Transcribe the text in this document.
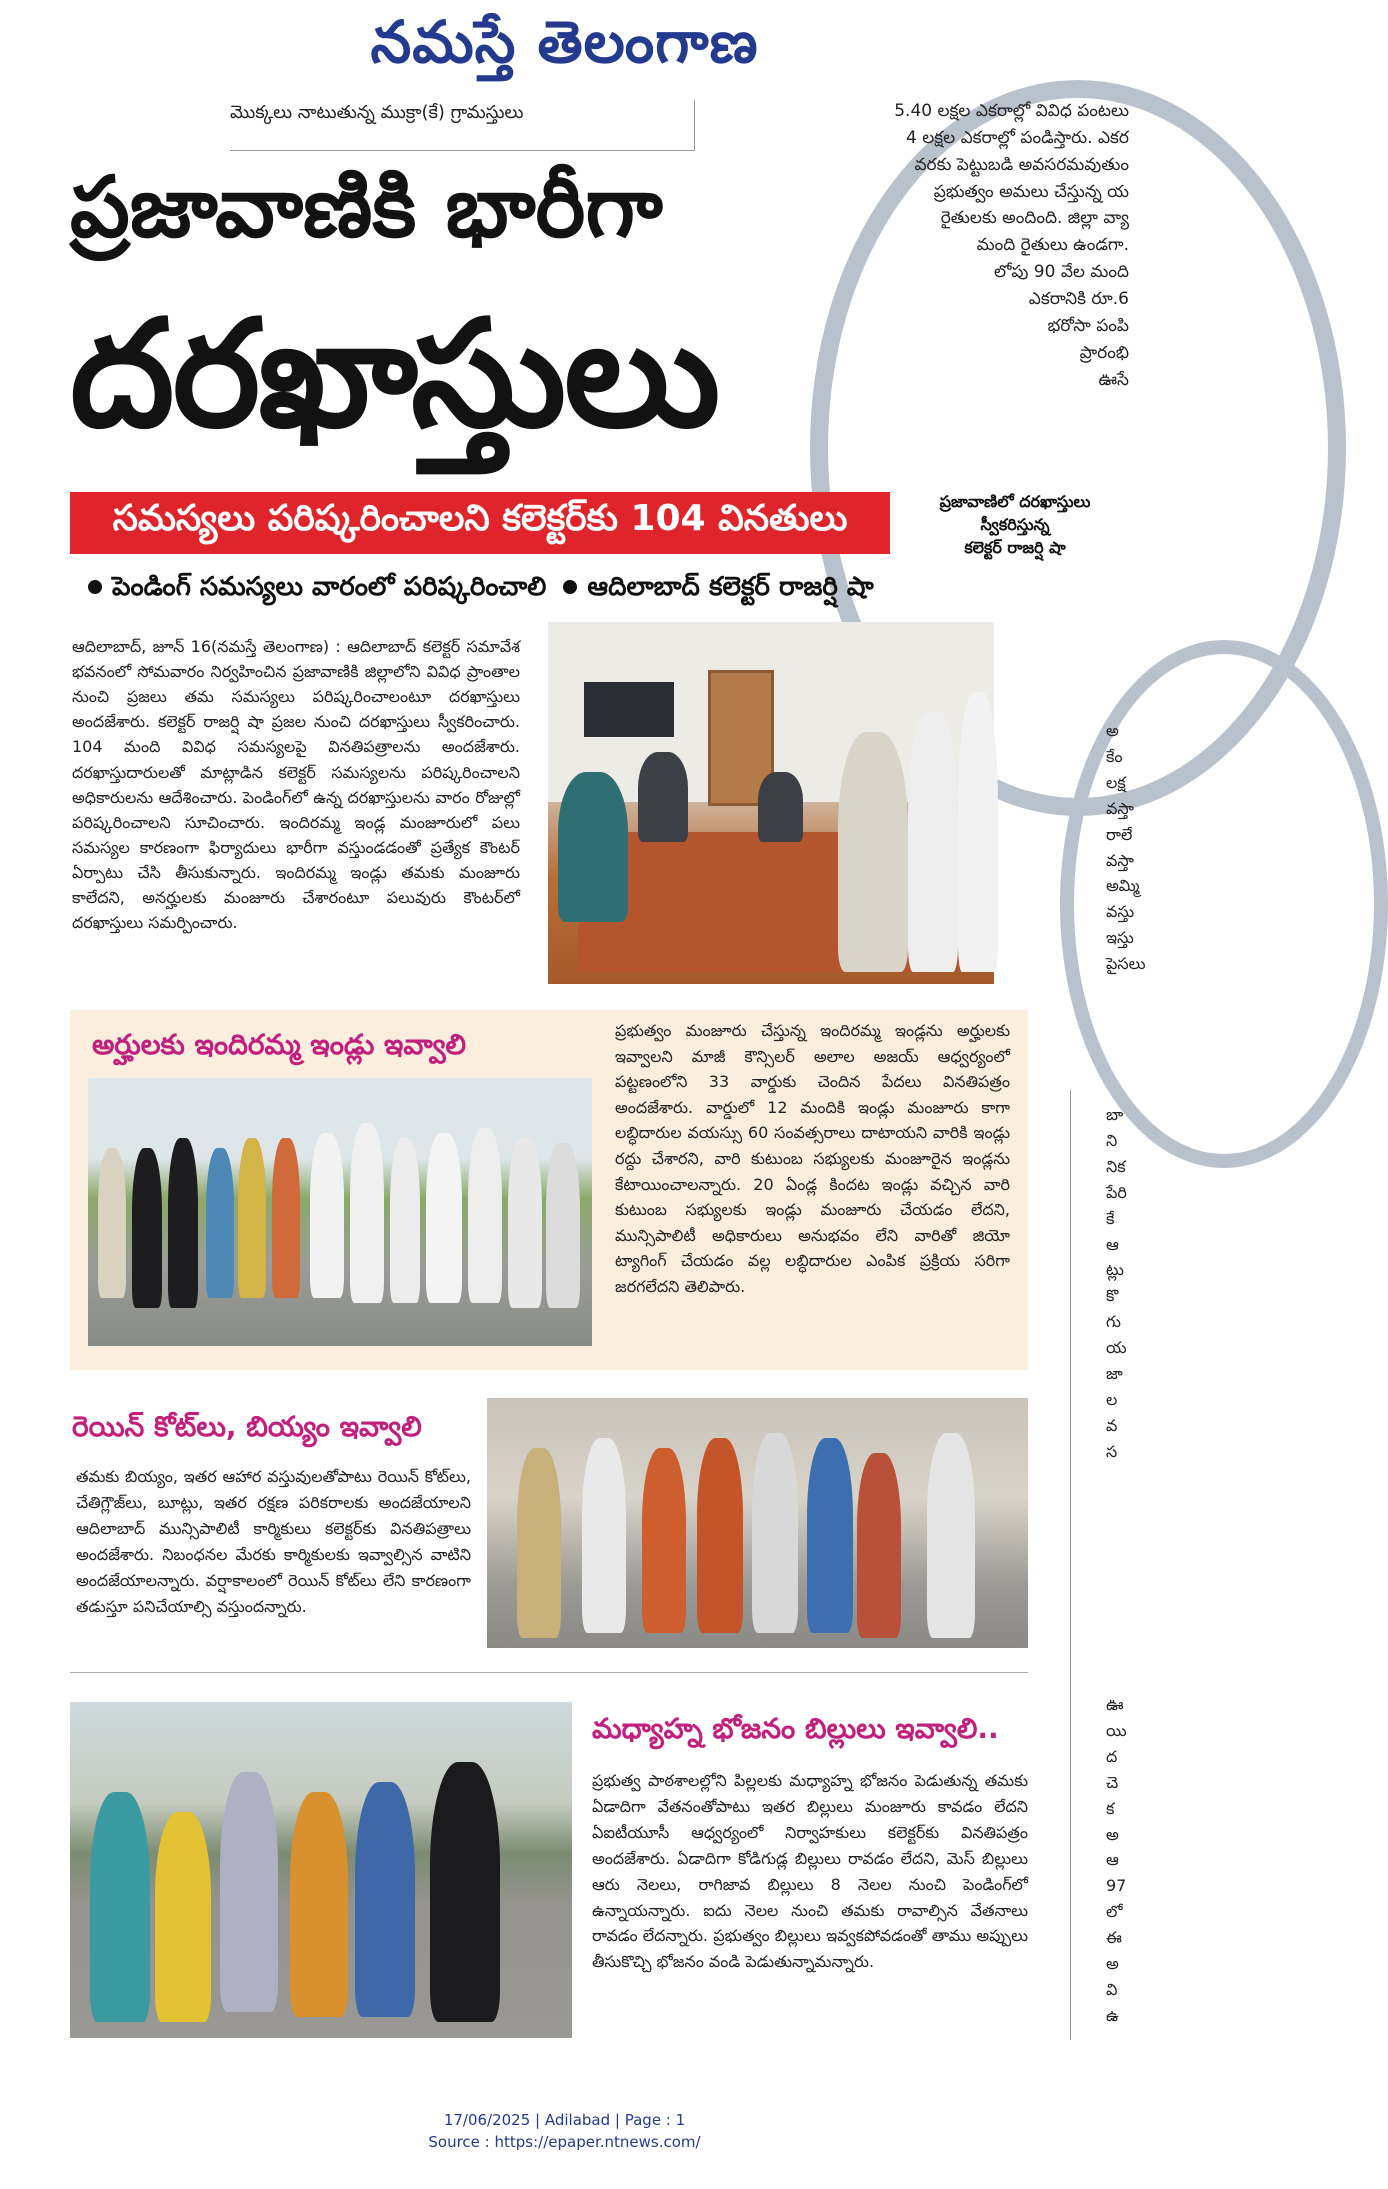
నమస్తే తెలంగాణ
5.40 లక్షల ఎకరాల్లో వివిధ పంటలు
4 లక్షల ఎకరాల్లో పండిస్తారు. ఎకర
వరకు పెట్టుబడి అవసరమవుతుం
ప్రభుత్వం అమలు చేస్తున్న య
రైతులకు అందింది. జిల్లా వ్యా
మంది రైతులు ఉండగా.
లోపు 90 వేల మంది
ఎకరానికి రూ.6
భరోసా పంపి
ప్రారంభి
ఊసే
మొక్కలు నాటుతున్న ముక్రా(కే) గ్రామస్తులు
ప్రజావాణికి భారీగా
దరఖాస్తులు
సమస్యలు పరిష్కరించాలని కలెక్టర్‌కు 104 వినతులు
పెండింగ్ సమస్యలు వారంలో పరిష్కరించాలి ఆదిలాబాద్ కలెక్టర్ రాజర్షి షా
ప్రజావాణిలో దరఖాస్తులు
స్వీకరిస్తున్న
కలెక్టర్ రాజర్షి షా
ఆదిలాబాద్, జూన్ 16(నమస్తే తెలంగాణ) : ఆదిలాబాద్ కలెక్టర్ సమావేశ భవనంలో సోమవారం నిర్వహించిన ప్రజావాణికి జిల్లాలోని వివిధ ప్రాంతాల నుంచి ప్రజలు తమ సమస్యలు పరిష్కరించాలంటూ దరఖాస్తులు అందజేశారు. కలెక్టర్ రాజర్షి షా ప్రజల నుంచి దరఖాస్తులు స్వీకరించారు. 104 మంది వివిధ సమస్యలపై వినతిపత్రాలను అందజేశారు. దరఖాస్తుదారులతో మాట్లాడిన కలెక్టర్ సమస్యలను పరిష్కరించాలని అధికారులను ఆదేశించారు. పెండింగ్‌లో ఉన్న దరఖాస్తులను వారం రోజుల్లో పరిష్కరించాలని సూచించారు. ఇందిరమ్మ ఇండ్ల మంజూరులో పలు సమస్యల కారణంగా ఫిర్యాదులు భారీగా వస్తుండడంతో ప్రత్యేక కౌంటర్ ఏర్పాటు చేసి తీసుకున్నారు. ఇందిరమ్మ ఇండ్లు తమకు మంజూరు కాలేదని, అనర్హులకు మంజూరు చేశారంటూ పలువురు కౌంటర్‌లో దరఖాస్తులు సమర్పించారు.
అ
కేం
లక్ష
వస్తా
రాలే
వస్తా
అమ్మి
వస్తు
ఇస్తు
పైసలు
అర్హులకు ఇందిరమ్మ ఇండ్లు ఇవ్వాలి	ప్రభుత్వం మంజూరు చేస్తున్న ఇందిరమ్మ ఇండ్లను అర్హులకు ఇవ్వాలని మాజీ కౌన్సిలర్ అలాల అజయ్ ఆధ్వర్యంలో పట్టణంలోని 33 వార్డుకు చెందిన పేదలు వినతిపత్రం అందజేశారు. వార్డులో 12 మందికి ఇండ్లు మంజూరు కాగా లబ్ధిదారుల వయస్సు 60 సంవత్సరాలు దాటాయని వారికి ఇండ్లు రద్దు చేశారని, వారి కుటుంబ సభ్యులకు మంజూరైన ఇండ్లను కేటాయించాలన్నారు. 20 ఏండ్ల కిందట ఇండ్లు వచ్చిన వారి కుటుంబ సభ్యులకు ఇండ్లు మంజూరు చేయడం లేదని, మున్సిపాలిటీ అధికారులు అనుభవం లేని వారితో జియో ట్యాగింగ్ చేయడం వల్ల లబ్ధిదారుల ఎంపిక ప్రక్రియ సరిగా జరగలేదని తెలిపారు.
రెయిన్ కోట్‌లు, బియ్యం ఇవ్వాలి
తమకు బియ్యం, ఇతర ఆహార వస్తువులతోపాటు రెయిన్ కోట్‌లు, చేతిగ్లౌజ్‌లు, బూట్లు, ఇతర రక్షణ పరికరాలకు అందజేయాలని ఆదిలాబాద్ మున్సిపాలిటీ కార్మికులు కలెక్టర్‌కు వినతిపత్రాలు అందజేశారు. నిబంధనల మేరకు కార్మికులకు ఇవ్వాల్సిన వాటిని అందజేయాలన్నారు. వర్షాకాలంలో రెయిన్ కోట్‌లు లేని కారణంగా తడుస్తూ పనిచేయాల్సి వస్తుందన్నారు.
మధ్యాహ్న భోజనం బిల్లులు ఇవ్వాలి..
ప్రభుత్వ పాఠశాలల్లోని పిల్లలకు మధ్యాహ్న భోజనం పెడుతున్న తమకు ఏడాదిగా వేతనంతోపాటు ఇతర బిల్లులు మంజూరు కావడం లేదని ఏఐటీయూసీ ఆధ్వర్యంలో నిర్వాహకులు కలెక్టర్‌కు వినతిపత్రం అందజేశారు. ఏడాదిగా కోడిగుడ్ల బిల్లులు రావడం లేదని, మెస్ బిల్లులు ఆరు నెలలు, రాగిజావ బిల్లులు 8 నెలల నుంచి పెండింగ్‌లో ఉన్నాయన్నారు. ఐదు నెలల నుంచి తమకు రావాల్సిన వేతనాలు రావడం లేదన్నారు. ప్రభుత్వం బిల్లులు ఇవ్వకపోవడంతో తాము అప్పులు తీసుకొచ్చి భోజనం వండి పెడుతున్నామన్నారు.
బా
ని
నిక
పేరి
కే
ఆ
ట్లు
కొ
గు
య
జా
ల
వ
స
ఊ
యి
ద
చె
క
అ
ఆ
97
లో
ఈ
అ
వి
ఉ
17/06/2025 | Adilabad | Page : 1
Source : https://epaper.ntnews.com/
